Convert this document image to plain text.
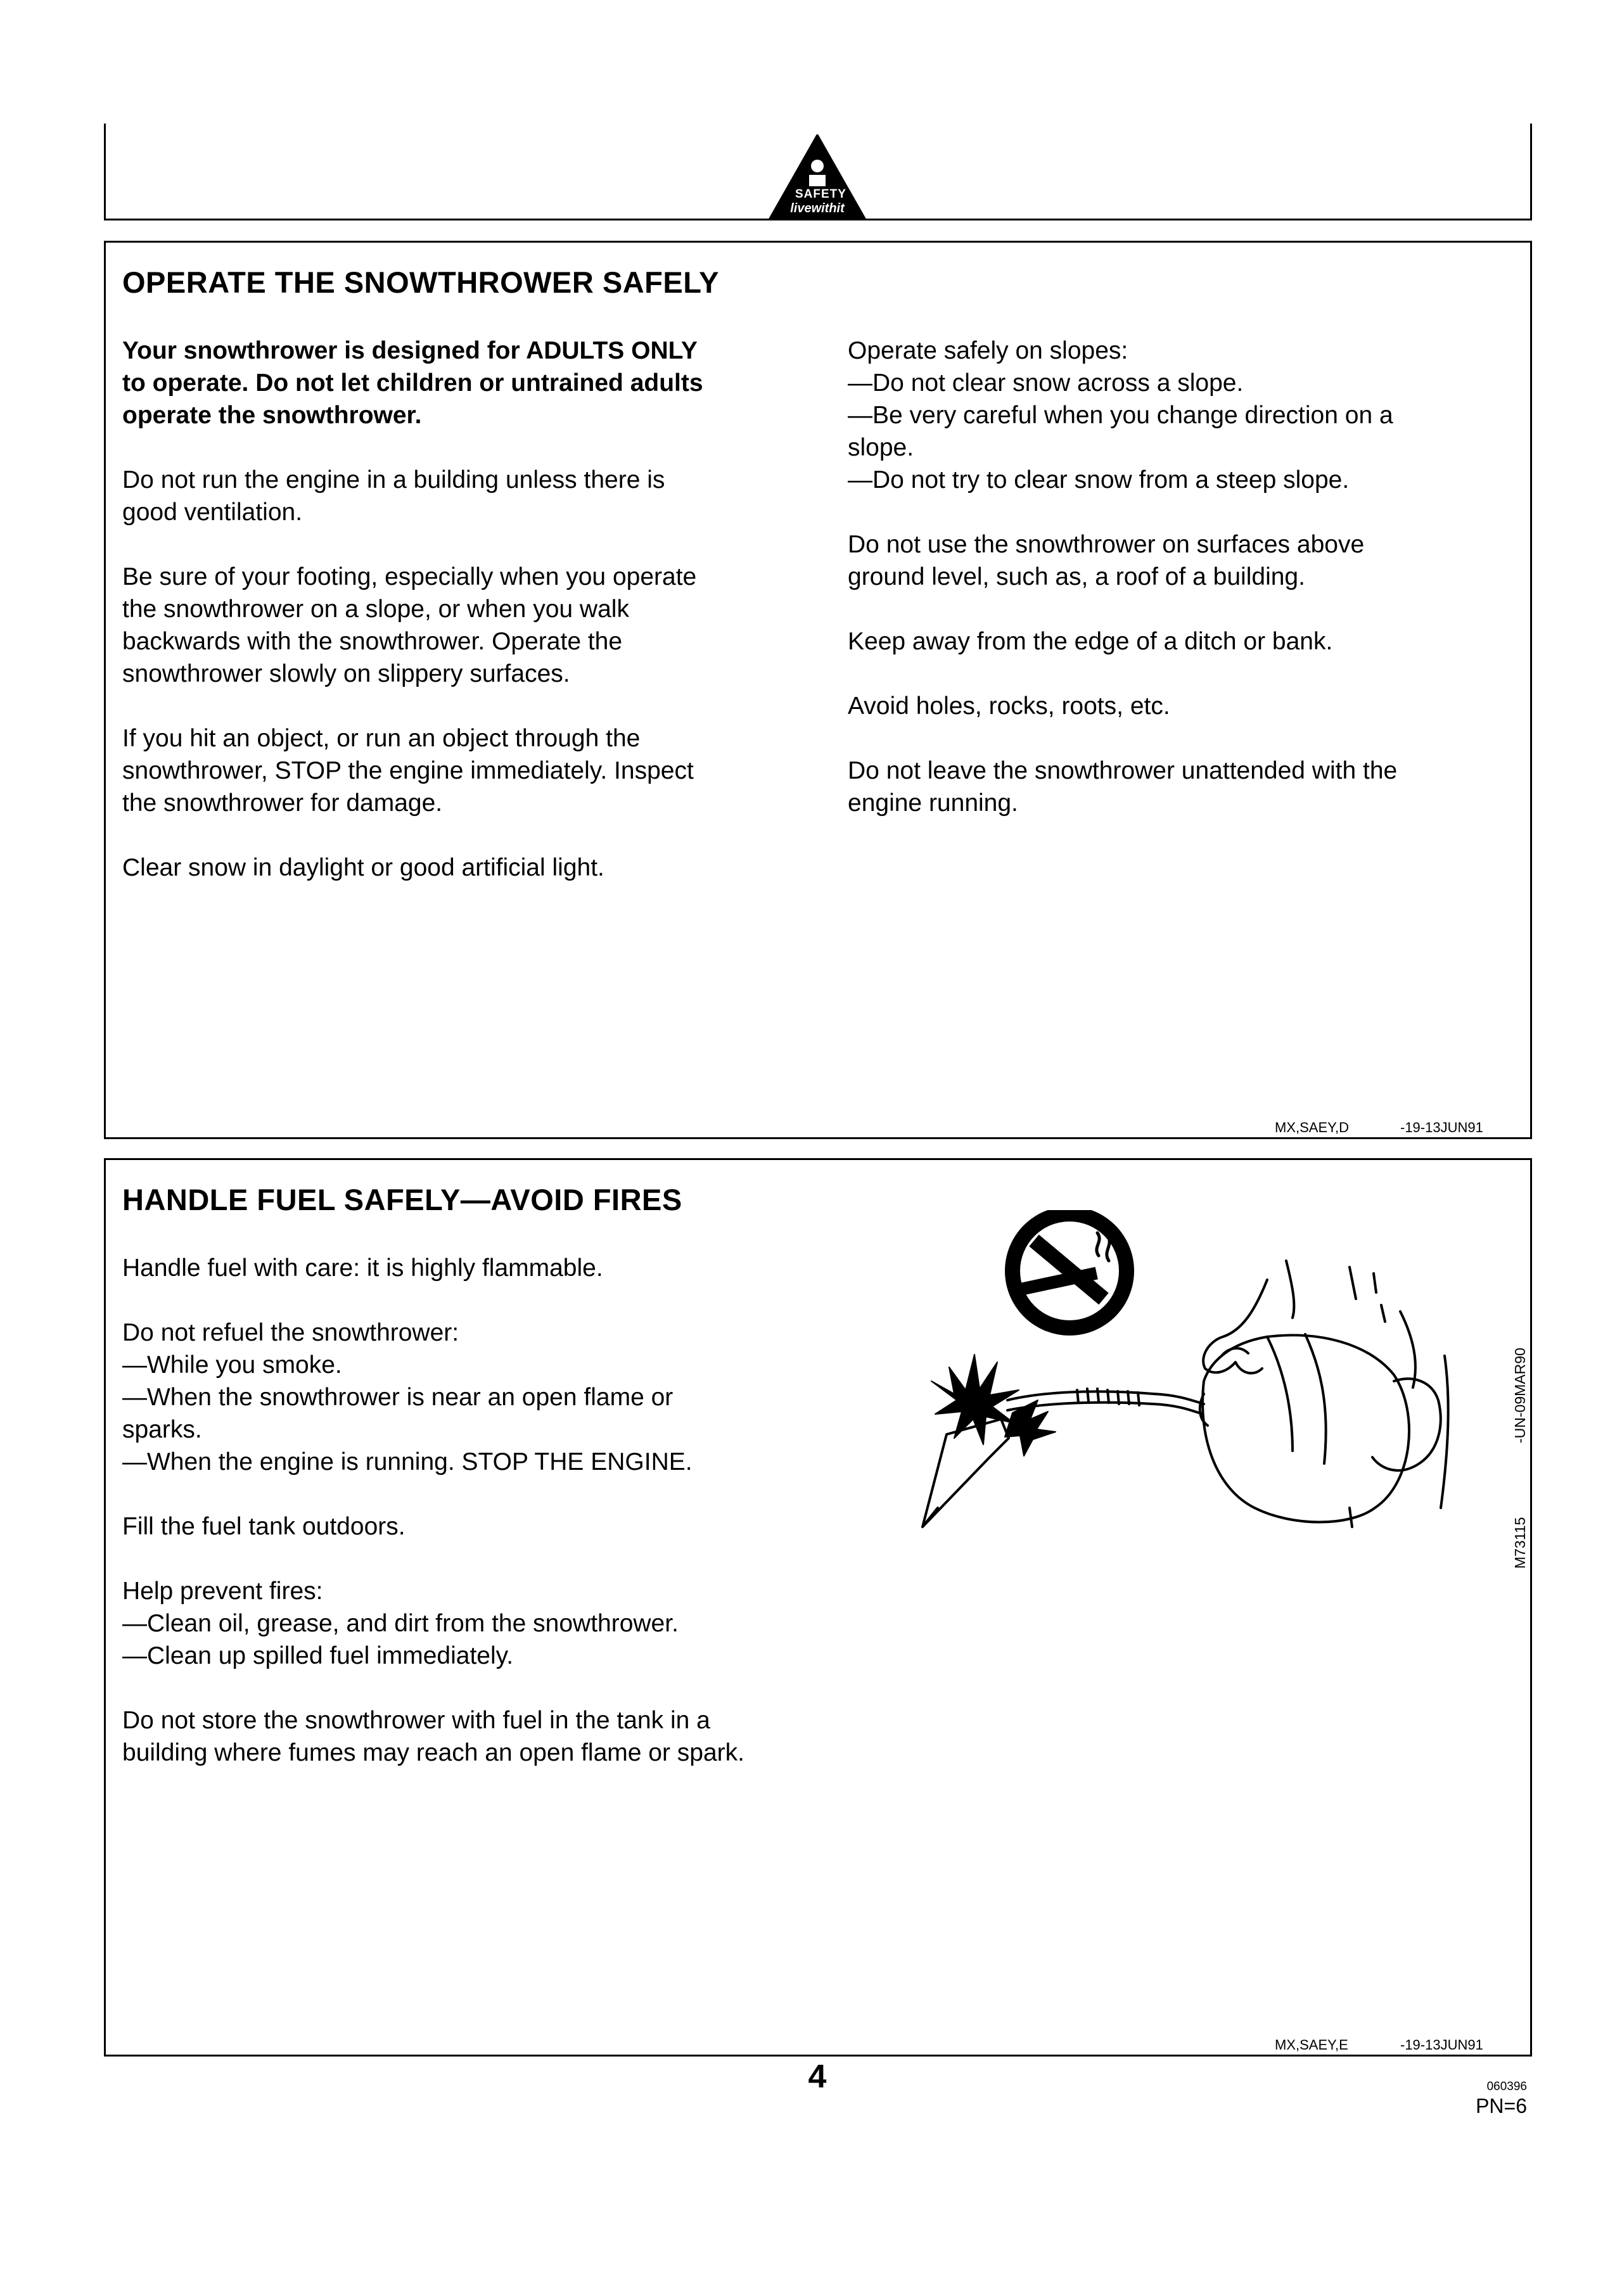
SAFETY
livewithit
OPERATE THE SNOWTHROWER SAFELY

Your snowthrower is designed for ADULTS ONLY
to operate. Do not let children or untrained adults
operate the snowthrower.

Do not run the engine in a building unless there is
good ventilation.

Be sure of your footing, especially when you operate
the snowthrower on a slope, or when you walk
backwards with the snowthrower. Operate the
snowthrower slowly on slippery surfaces.

If you hit an object, or run an object through the
snowthrower, STOP the engine immediately. Inspect
the snowthrower for damage.

Clear snow in daylight or good artificial light.

Operate safely on slopes:
—Do not clear snow across a slope.
—Be very careful when you change direction on a
slope.
—Do not try to clear snow from a steep slope.

Do not use the snowthrower on surfaces above
ground level, such as, a roof of a building.

Keep away from the edge of a ditch or bank.

Avoid holes, rocks, roots, etc.

Do not leave the snowthrower unattended with the
engine running.

MX,SAEY,D	-19-13JUN91
HANDLE FUEL SAFELY—AVOID FIRES

Handle fuel with care: it is highly flammable.

Do not refuel the snowthrower:
—While you smoke.
—When the snowthrower is near an open flame or
sparks.
—When the engine is running. STOP THE ENGINE.

Fill the fuel tank outdoors.

Help prevent fires:
—Clean oil, grease, and dirt from the snowthrower.
—Clean up spilled fuel immediately.

Do not store the snowthrower with fuel in the tank in a
building where fumes may reach an open flame or spark.

-UN-09MAR90
M73115
MX,SAEY,E	-19-13JUN91
4	060396
PN=6
